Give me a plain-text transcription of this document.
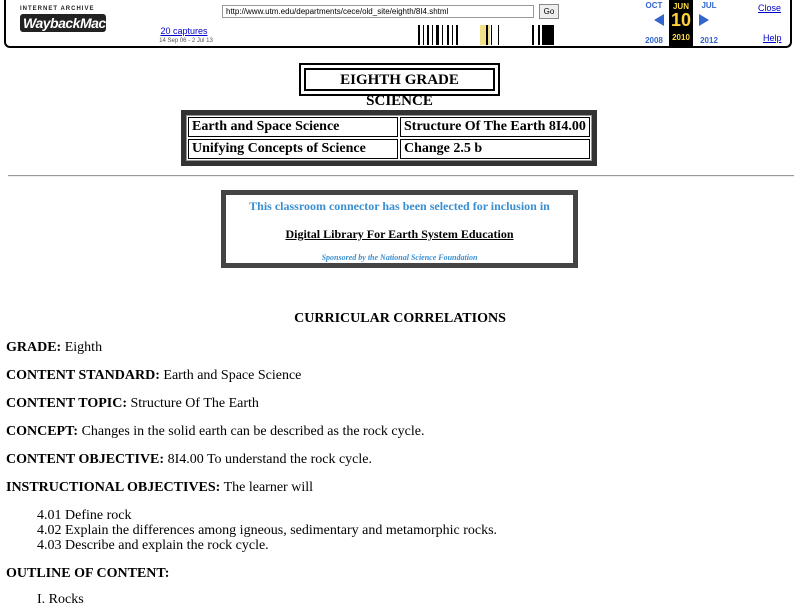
INTERNET ARCHIVE
WaybackMachine	20 captures
14 Sep 06 - 2 Jul 13
http://www.utm.edu/departments/cece/old_site/eighth/8I4.shtml	Go
OCT	JUL
2008	2012
JUN
10
2010
Close
Help
EIGHTH GRADE SCIENCE
Earth and Space Science	Structure Of The Earth 8I4.00
Unifying Concepts of Science	Change 2.5 b
This classroom connector has been selected for inclusion in
Digital Library For Earth System Education
Sponsored by the National Science Foundation
CURRICULAR CORRELATIONS
GRADE: Eighth
CONTENT STANDARD: Earth and Space Science
CONTENT TOPIC: Structure Of The Earth
CONCEPT: Changes in the solid earth can be described as the rock cycle.
CONTENT OBJECTIVE: 8I4.00 To understand the rock cycle.
INSTRUCTIONAL OBJECTIVES: The learner will
4.01 Define rock
4.02 Explain the differences among igneous, sedimentary and metamorphic rocks.
4.03 Describe and explain the rock cycle.
OUTLINE OF CONTENT:
I. Rocks
